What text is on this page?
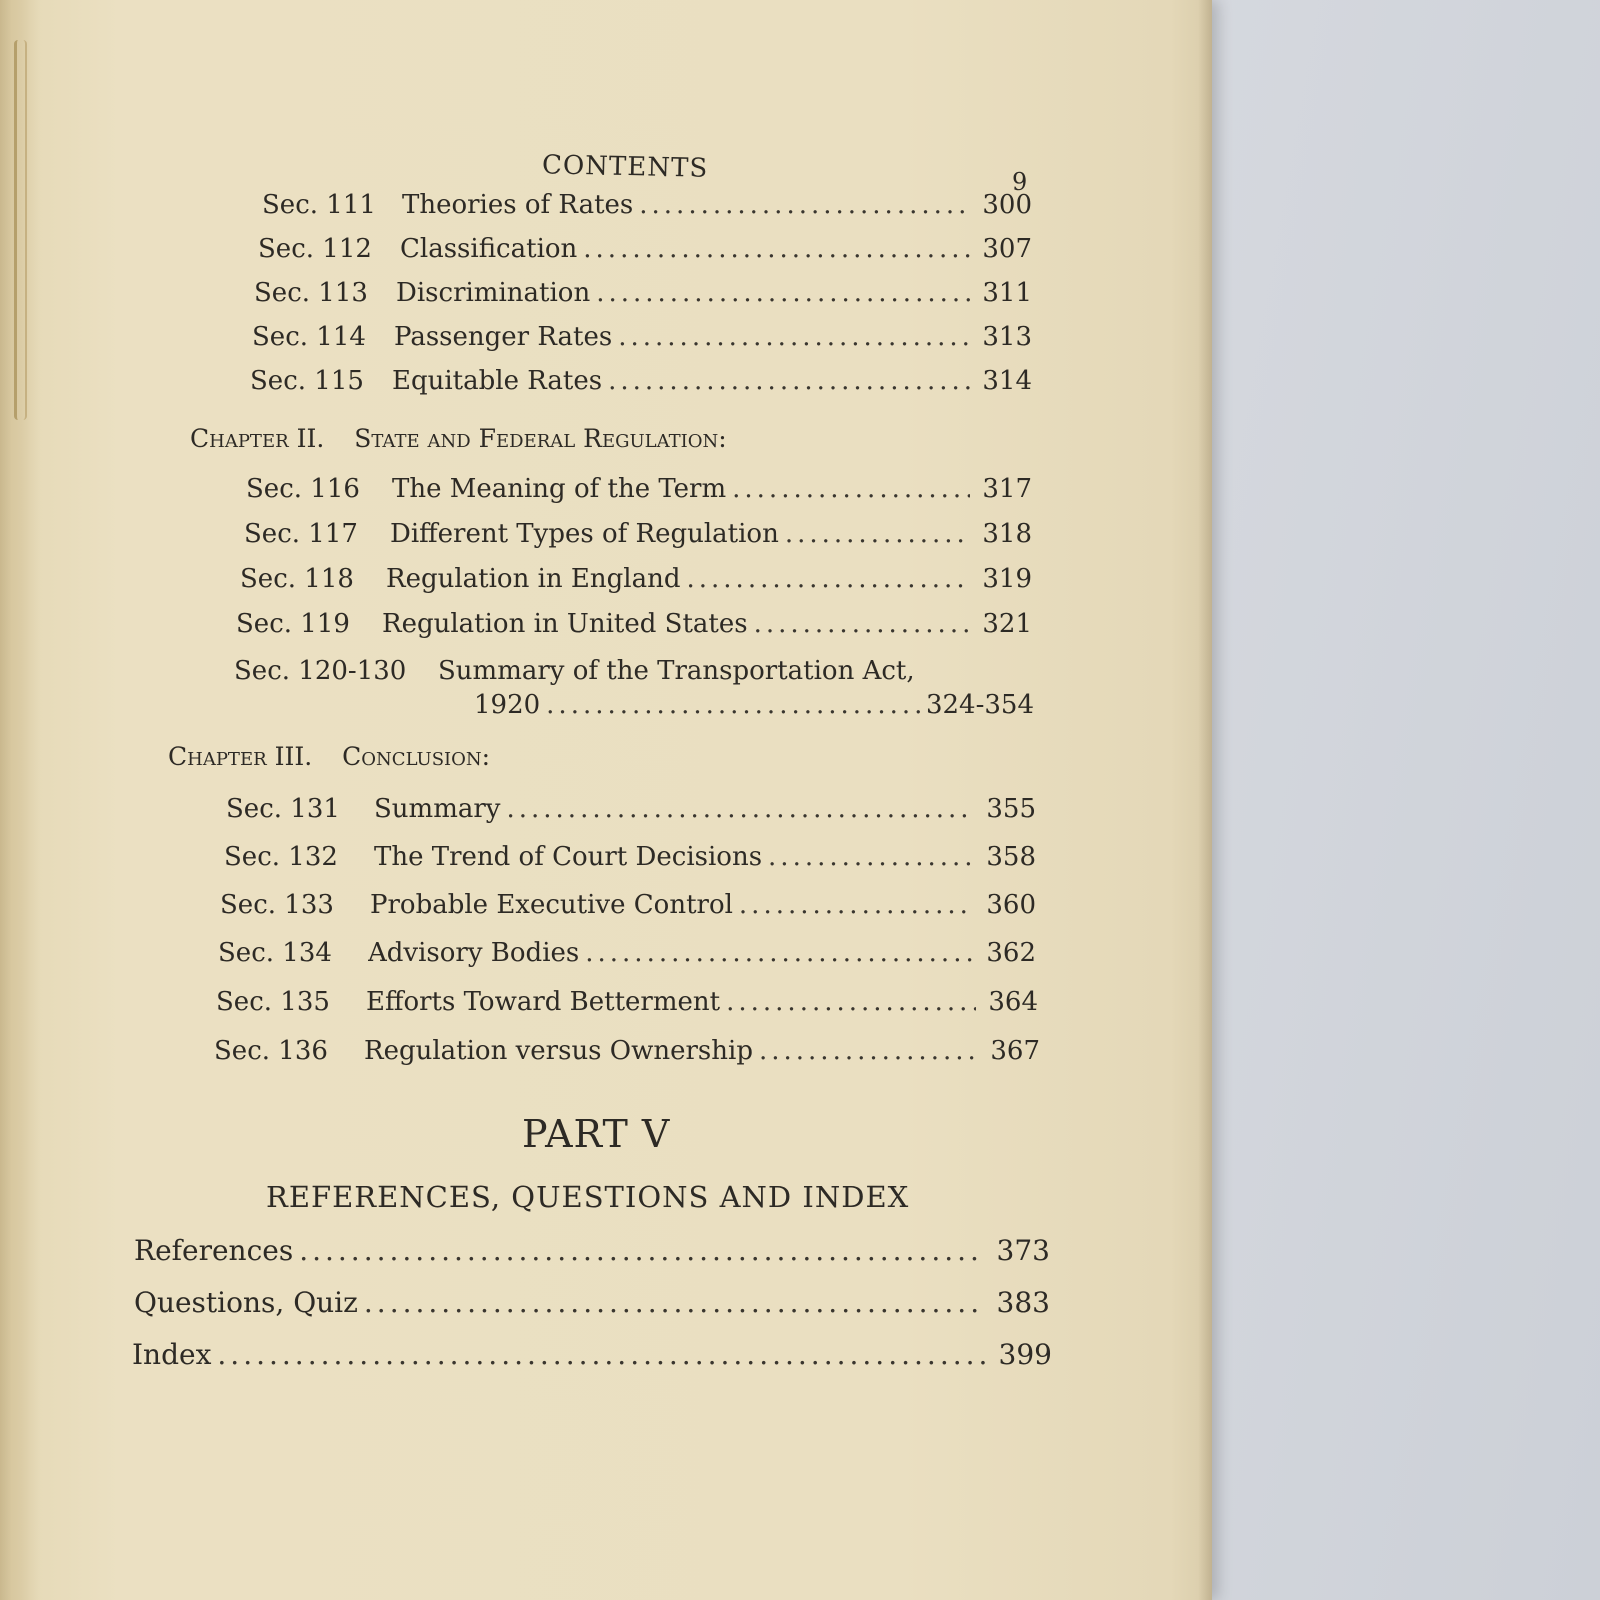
CONTENTS	9
Sec. 111 Theories of Rates .....	300
Sec. 112 Classification .....	307
Sec. 113 Discrimination .....	311
Sec. 114 Passenger Rates .....	313
Sec. 115 Equitable Rates .....	314
Chapter II. State and Federal Regulation:
Sec. 116 The Meaning of the Term .....	317
Sec. 117 Different Types of Regulation .....	318
Sec. 118 Regulation in England .....	319
Sec. 119 Regulation in United States .....	321
Sec. 120-130 Summary of the Transportation Act,
1920 .....	324-354
Chapter III. Conclusion:
Sec. 131 Summary .....	355
Sec. 132 The Trend of Court Decisions .....	358
Sec. 133 Probable Executive Control .....	360
Sec. 134 Advisory Bodies .....	362
Sec. 135 Efforts Toward Betterment .....	364
Sec. 136 Regulation versus Ownership .....	367
PART V
REFERENCES, QUESTIONS AND INDEX
References .....	373
Questions, Quiz .....	383
Index .....	399
